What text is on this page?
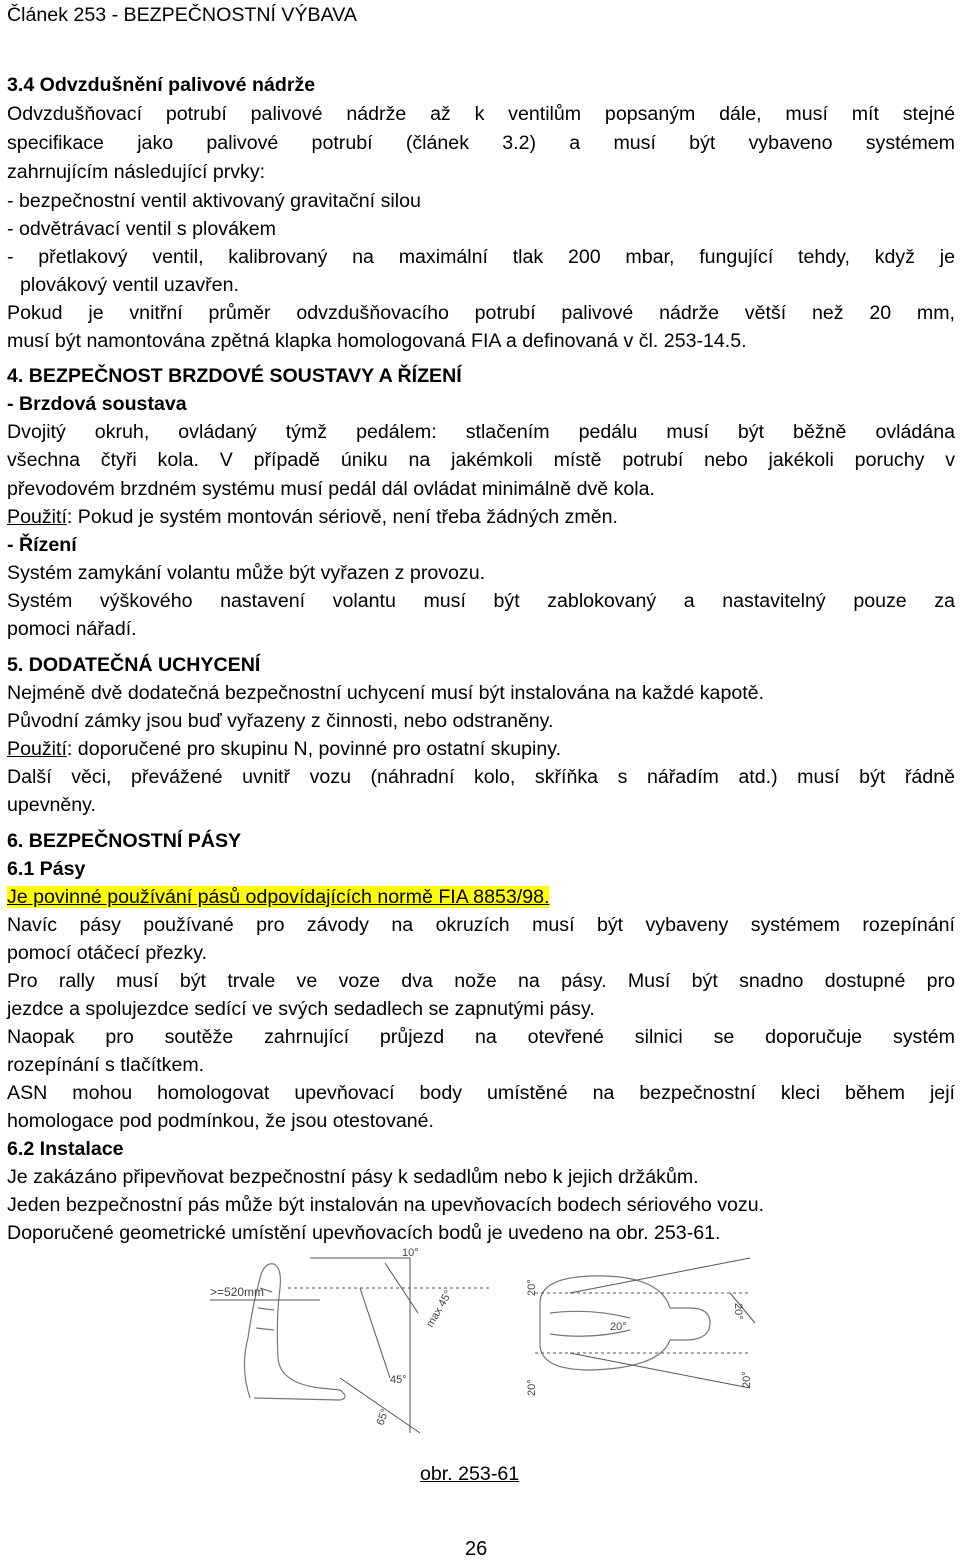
Článek 253 - BEZPEČNOSTNÍ VÝBAVA
3.4 Odvzdušnění palivové nádrže
Odvzdušňovací potrubí palivové nádrže až k ventilům popsaným dále, musí mít stejné
specifikace jako palivové potrubí (článek 3.2) a musí být vybaveno systémem
zahrnujícím následující prvky:
- bezpečnostní ventil aktivovaný gravitační silou
- odvětrávací ventil s plovákem
- přetlakový ventil, kalibrovaný na maximální tlak 200 mbar, fungující tehdy, když je
plovákový ventil uzavřen.
Pokud je vnitřní průměr odvzdušňovacího potrubí palivové nádrže větší než 20 mm,
musí být namontována zpětná klapka homologovaná FIA a definovaná v čl. 253-14.5.
4. BEZPEČNOST BRZDOVÉ SOUSTAVY A ŘÍZENÍ
- Brzdová soustava
Dvojitý okruh, ovládaný týmž pedálem: stlačením pedálu musí být běžně ovládána
všechna čtyři kola. V případě úniku na jakémkoli místě potrubí nebo jakékoli poruchy v
převodovém brzdném systému musí pedál dál ovládat minimálně dvě kola.
Použití: Pokud je systém montován sériově, není třeba žádných změn.
- Řízení
Systém zamykání volantu může být vyřazen z provozu.
Systém výškového nastavení volantu musí být zablokovaný a nastavitelný pouze za
pomoci nářadí.
5. DODATEČNÁ UCHYCENÍ
Nejméně dvě dodatečná bezpečnostní uchycení musí být instalována na každé kapotě.
Původní zámky jsou buď vyřazeny z činnosti, nebo odstraněny.
Použití: doporučené pro skupinu N, povinné pro ostatní skupiny.
Další věci, převážené uvnitř vozu (náhradní kolo, skříňka s nářadím atd.) musí být řádně
upevněny.
6. BEZPEČNOSTNÍ PÁSY
6.1 Pásy
Je povinné používání pásů odpovídajících normě FIA 8853/98.
Navíc pásy používané pro závody na okruzích musí být vybaveny systémem rozepínání
pomocí otáčecí přezky.
Pro rally musí být trvale ve voze dva nože na pásy. Musí být snadno dostupné pro
jezdce a spolujezdce sedící ve svých sedadlech se zapnutými pásy.
Naopak pro soutěže zahrnující průjezd na otevřené silnici se doporučuje systém
rozepínání s tlačítkem.
ASN mohou homologovat upevňovací body umístěné na bezpečnostní kleci během její
homologace pod podmínkou, že jsou otestované.
6.2 Instalace
Je zakázáno připevňovat bezpečnostní pásy k sedadlům nebo k jejich držákům.
Jeden bezpečnostní pás může být instalován na upevňovacích bodech sériového vozu.
Doporučené geometrické umístění upevňovacích bodů je uvedeno na obr. 253-61.
>=520mm
10°
max 45°
45°
65°
20°
20°
20°
20°
20°
obr. 253-61
26
